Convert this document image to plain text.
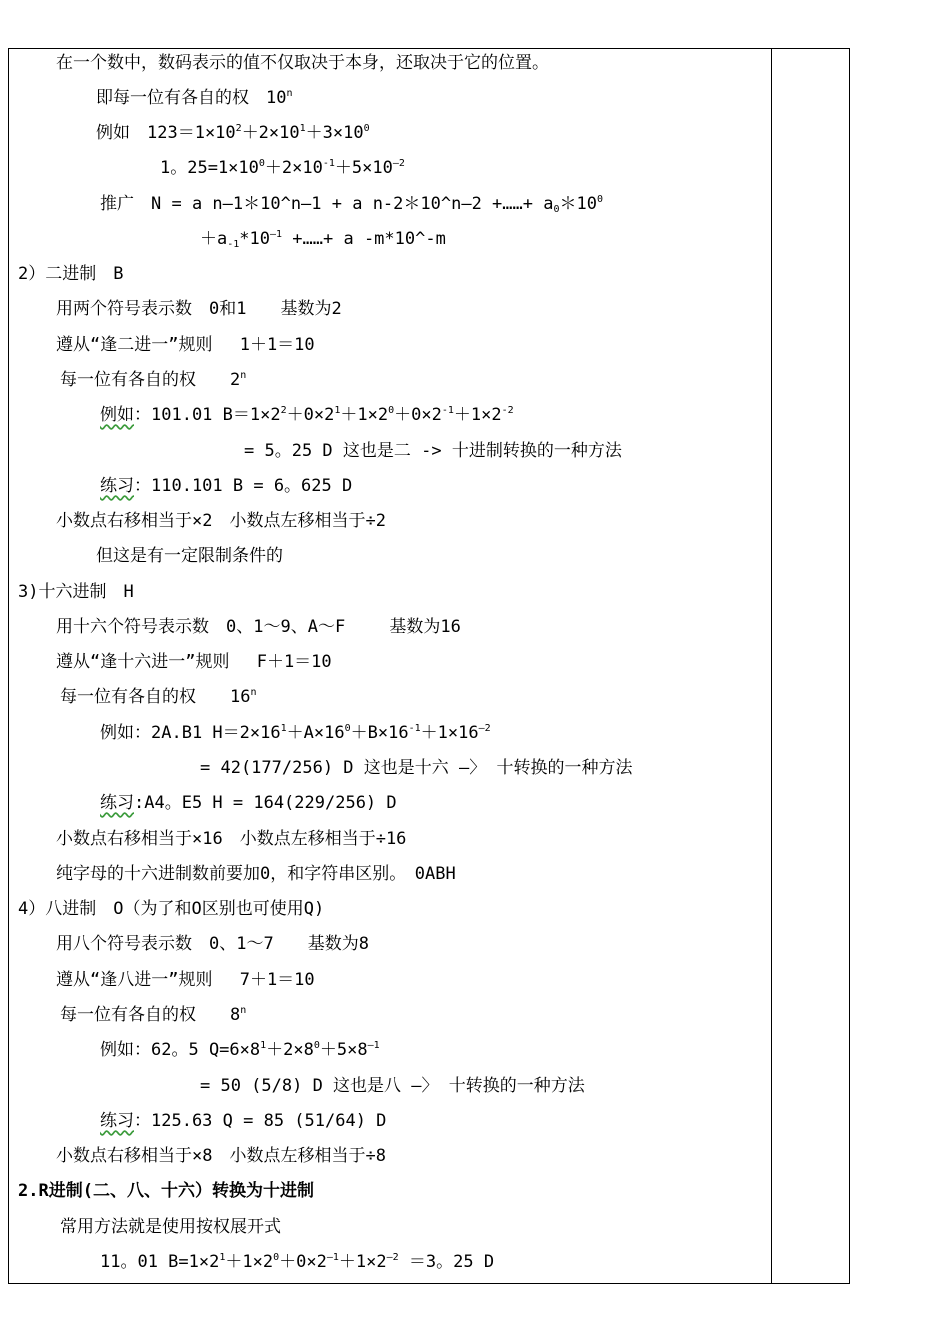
在一个数中，数码表示的值不仅取决于本身，还取决于它的位置。
即每一位有各自的权　10$^n$
例如　$123=1\times 10^2+2\times 10^1+3\times 10^0$
1。$25=1\times 10^0+2\times 10^{-1}+5\times 10^{—2}$
推广　N = a n—1＊10^n—1 + a n-2＊10^n—2 +……+ $a_0*10^0$
$+a_{-1}*10^{—1}$ +……+ a -m*10^-m
2）二进制　B
用两个符号表示数　0和1　　基数为2
遵从“逢二进一”规则　 1＋1＝10
每一位有各自的权　　2$^n$
例如：101.01 $B=1\times 2^2+0\times 2^1+1\times 2^0+0\times 2^{-1}+1\times 2^{-2}$
= 5。25 D 这也是二 -> 十进制转换的一种方法
练习：110.101 B = 6。625 D
小数点右移相当于×2　小数点左移相当于÷2
但这是有一定限制条件的
3)十六进制　H
用十六个符号表示数　0、1～9、A～F　　 基数为16
遵从“逢十六进一”规则　 F＋1＝10
每一位有各自的权　　16$^n$
例如：2A.B1 $H=2\times 16^1+A\times 16^0+B\times 16^{-1}+1\times 16^{—2}$
= 42(177/256) D 这也是十六 —〉 十转换的一种方法
练习:A4。E5 H = 164(229/256) D
小数点右移相当于×16　小数点左移相当于÷16
纯字母的十六进制数前要加0，和字符串区别。　0ABH
4）八进制　O（为了和O区别也可使用Q)
用八个符号表示数　0、1～7　　基数为8
遵从“逢八进一”规则　 7＋1＝10
每一位有各自的权　　8$^n$
例如：62。5 $Q=6\times 8^1+2\times 8^0+5\times 8^{—1}$
= 50 (5/8) D 这也是八 —〉 十转换的一种方法
练习：125.63 Q = 85 (51/64) D
小数点右移相当于×8　小数点左移相当于÷8
2.R进制(二、八、十六）转换为十进制
常用方法就是使用按权展开式
11。01 $B=1\times 2^1+1\times 2^0+0\times 2^{—1}+1\times 2^{—2} =3$。25 D
